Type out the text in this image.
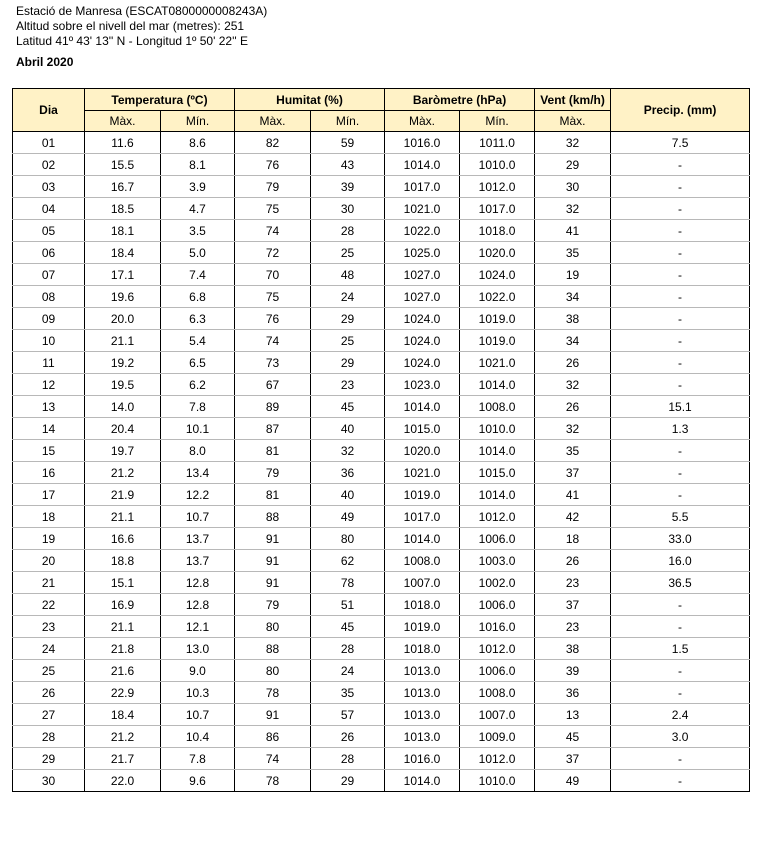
Estació de Manresa (ESCAT0800000008243A)
Altitud sobre el nivell del mar (metres): 251
Latitud 41º 43' 13'' N - Longitud 1º 50' 22'' E
Abril 2020
Dia	Temperatura (ºC)		Humitat (%)		Baròmetre (hPa)		Vent (km/h)	Precip. (mm)
	Màx.	Mín.	Màx.	Mín.	Màx.	Mín.	Màx.	
01	11.6	8.6	82	59	1016.0	1011.0	32	7.5
02	15.5	8.1	76	43	1014.0	1010.0	29	-
03	16.7	3.9	79	39	1017.0	1012.0	30	-
04	18.5	4.7	75	30	1021.0	1017.0	32	-
05	18.1	3.5	74	28	1022.0	1018.0	41	-
06	18.4	5.0	72	25	1025.0	1020.0	35	-
07	17.1	7.4	70	48	1027.0	1024.0	19	-
08	19.6	6.8	75	24	1027.0	1022.0	34	-
09	20.0	6.3	76	29	1024.0	1019.0	38	-
10	21.1	5.4	74	25	1024.0	1019.0	34	-
11	19.2	6.5	73	29	1024.0	1021.0	26	-
12	19.5	6.2	67	23	1023.0	1014.0	32	-
13	14.0	7.8	89	45	1014.0	1008.0	26	15.1
14	20.4	10.1	87	40	1015.0	1010.0	32	1.3
15	19.7	8.0	81	32	1020.0	1014.0	35	-
16	21.2	13.4	79	36	1021.0	1015.0	37	-
17	21.9	12.2	81	40	1019.0	1014.0	41	-
18	21.1	10.7	88	49	1017.0	1012.0	42	5.5
19	16.6	13.7	91	80	1014.0	1006.0	18	33.0
20	18.8	13.7	91	62	1008.0	1003.0	26	16.0
21	15.1	12.8	91	78	1007.0	1002.0	23	36.5
22	16.9	12.8	79	51	1018.0	1006.0	37	-
23	21.1	12.1	80	45	1019.0	1016.0	23	-
24	21.8	13.0	88	28	1018.0	1012.0	38	1.5
25	21.6	9.0	80	24	1013.0	1006.0	39	-
26	22.9	10.3	78	35	1013.0	1008.0	36	-
27	18.4	10.7	91	57	1013.0	1007.0	13	2.4
28	21.2	10.4	86	26	1013.0	1009.0	45	3.0
29	21.7	7.8	74	28	1016.0	1012.0	37	-
30	22.0	9.6	78	29	1014.0	1010.0	49	-
